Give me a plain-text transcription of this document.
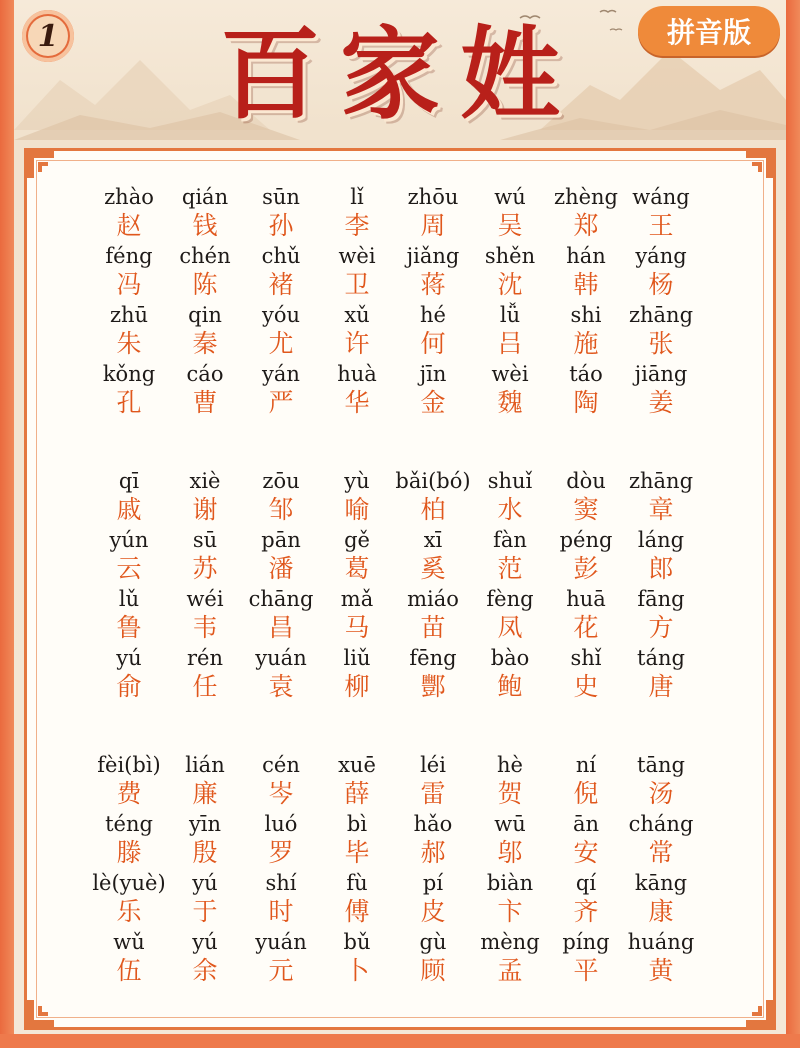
1	百家姓	拼音版
zhào
赵
qián
钱
sūn
孙
lǐ
李
zhōu
周
wú
吴
zhèng
郑
wáng
王
féng
冯
chén
陈
chǔ
褚
wèi
卫
jiǎng
蒋
shěn
沈
hán
韩
yáng
杨
zhū
朱
qin
秦
yóu
尤
xǔ
许
hé
何
lǚ
吕
shi
施
zhāng
张
kǒng
孔
cáo
曹
yán
严
huà
华
jīn
金
wèi
魏
táo
陶
jiāng
姜
qī
戚
xiè
谢
zōu
邹
yù
喻
bǎi(bó)
柏
shuǐ
水
dòu
窦
zhāng
章
yún
云
sū
苏
pān
潘
gě
葛
xī
奚
fàn
范
péng
彭
láng
郎
lǔ
鲁
wéi
韦
chāng
昌
mǎ
马
miáo
苗
fèng
凤
huā
花
fāng
方
yú
俞
rén
任
yuán
袁
liǔ
柳
fēng
酆
bào
鲍
shǐ
史
táng
唐
fèi(bì)
费
lián
廉
cén
岑
xuē
薛
léi
雷
hè
贺
ní
倪
tāng
汤
téng
滕
yīn
殷
luó
罗
bì
毕
hǎo
郝
wū
邬
ān
安
cháng
常
lè(yuè)
乐
yú
于
shí
时
fù
傅
pí
皮
biàn
卞
qí
齐
kāng
康
wǔ
伍
yú
余
yuán
元
bǔ
卜
gù
顾
mèng
孟
píng
平
huáng
黄
